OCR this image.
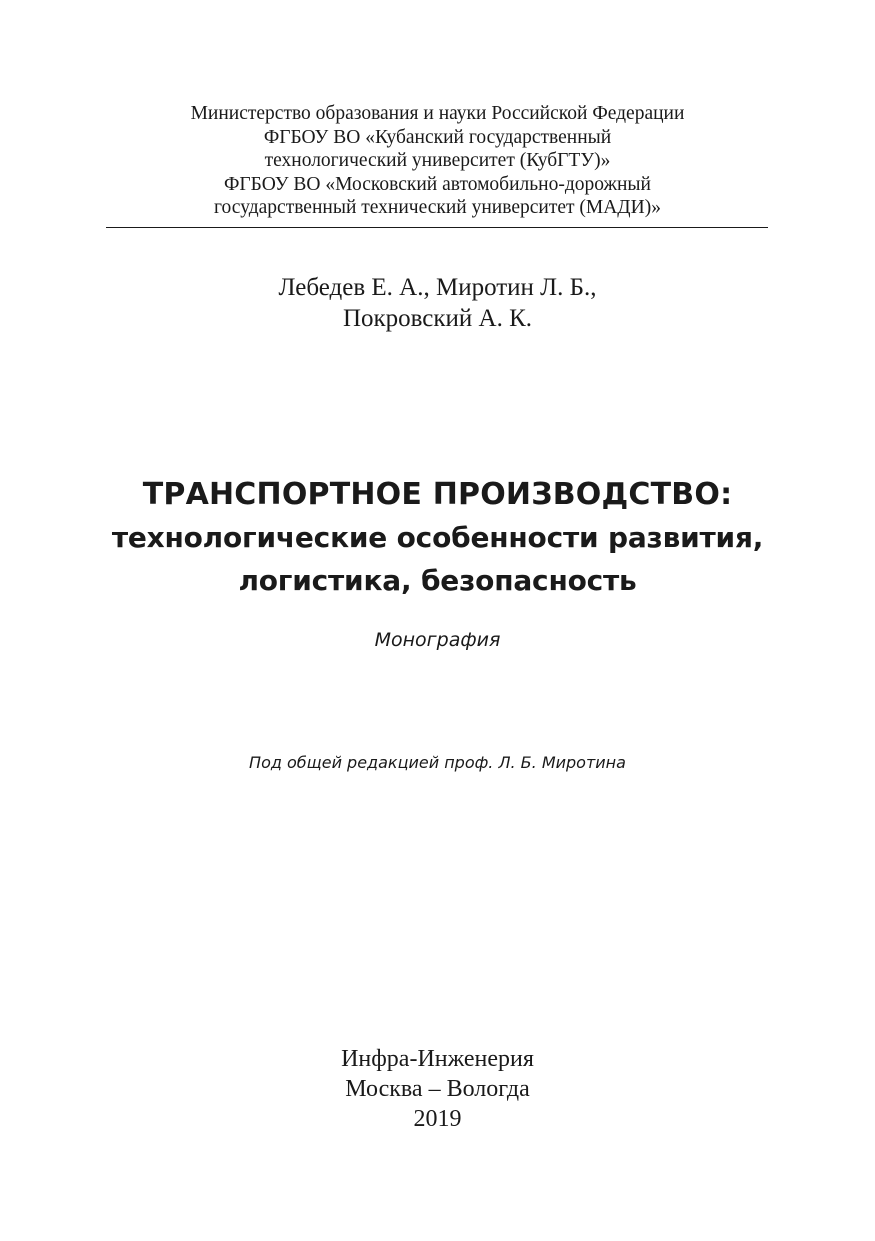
Министерство образования и науки Российской Федерации
ФГБОУ ВО «Кубанский государственный
технологический университет (КубГТУ)»
ФГБОУ ВО «Московский автомобильно-дорожный
государственный технический университет (МАДИ)»
Лебедев Е. А., Миротин Л. Б.,
Покровский А. К.
ТРАНСПОРТНОЕ ПРОИЗВОДСТВО:
технологические особенности развития,
логистика, безопасность
Монография
Под общей редакцией проф. Л. Б. Миротина
Инфра-Инженерия
Москва – Вологда
2019
